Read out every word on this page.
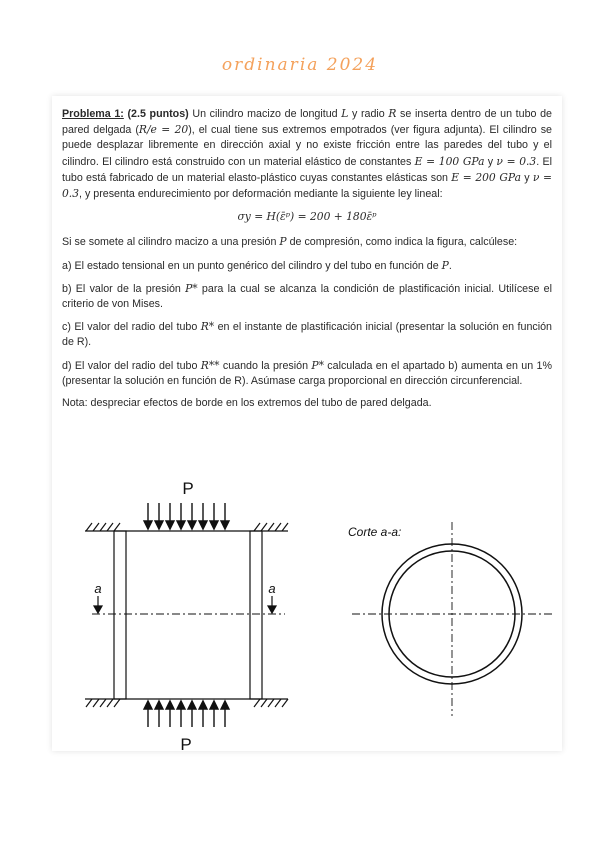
ordinaria 2024

Problema 1: (2.5 puntos) Un cilindro macizo de longitud L y radio R se inserta dentro de un tubo de pared delgada (R/e = 20), el cual tiene sus extremos empotrados (ver figura adjunta). El cilindro se puede desplazar libremente en dirección axial y no existe fricción entre las paredes del tubo y el cilindro. El cilindro está construido con un material elástico de constantes E = 100 GPa y ν = 0.3. El tubo está fabricado de un material elasto-plástico cuyas constantes elásticas son E = 200 GPa y ν = 0.3, y presenta endurecimiento por deformación mediante la siguiente ley lineal:

σy = H(ε̄ᵖ) = 200 + 180ε̄ᵖ

Si se somete al cilindro macizo a una presión P de compresión, como indica la figura, calcúlese:

a) El estado tensional en un punto genérico del cilindro y del tubo en función de P.

b) El valor de la presión P* para la cual se alcanza la condición de plastificación inicial. Utilícese el criterio de von Mises.

c) El valor del radio del tubo R* en el instante de plastificación inicial (presentar la solución en función de R).

d) El valor del radio del tubo R** cuando la presión P* calculada en el apartado b) aumenta en un 1% (presentar la solución en función de R). Asúmase carga proporcional en dirección circunferencial.

Nota: despreciar efectos de borde en los extremos del tubo de pared delgada.

P
P
a	a
Corte a-a:
